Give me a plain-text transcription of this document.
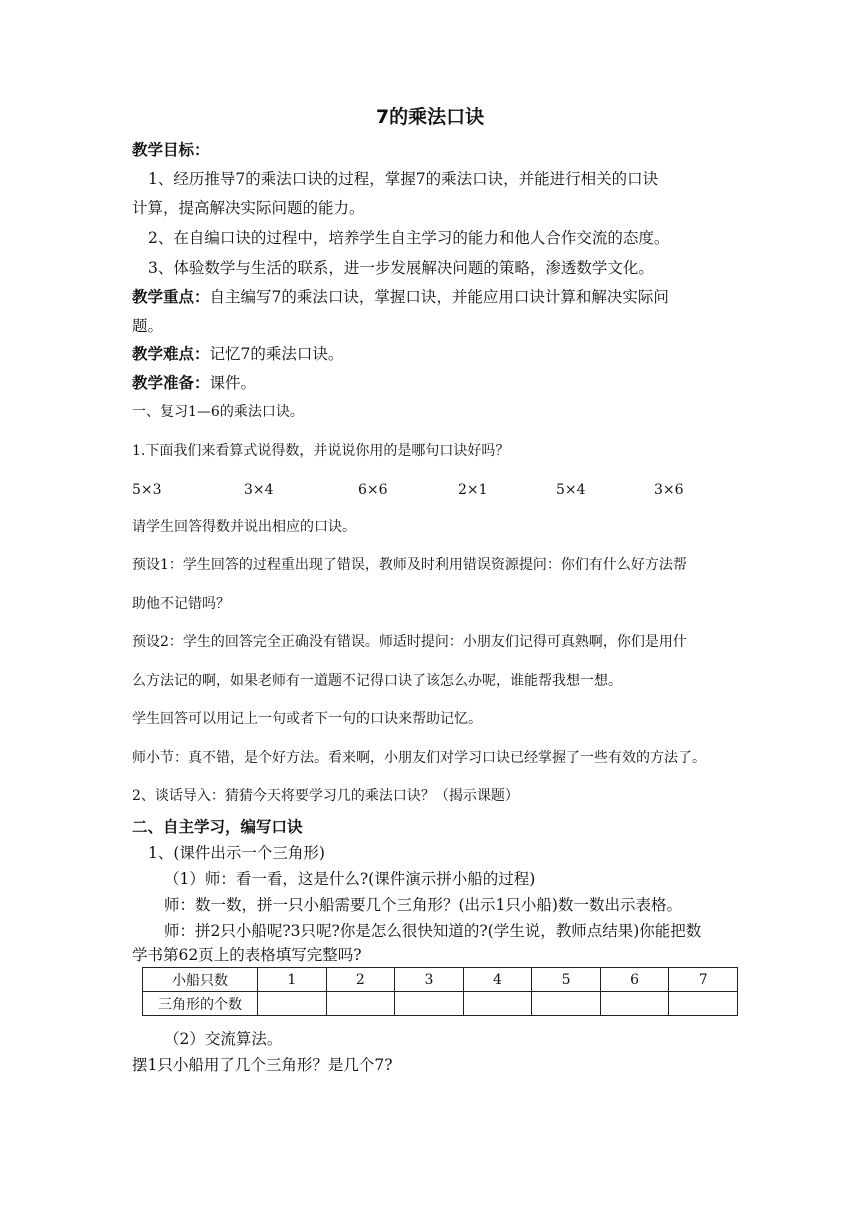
7的乘法口诀
教学目标：
1、经历推导7的乘法口诀的过程，掌握7的乘法口诀，并能进行相关的口诀
计算，提高解决实际问题的能力。
2、在自编口诀的过程中，培养学生自主学习的能力和他人合作交流的态度。
3、体验数学与生活的联系，进一步发展解决问题的策略，渗透数学文化。
教学重点：自主编写7的乘法口诀，掌握口诀，并能应用口诀计算和解决实际问
题。
教学难点：记忆7的乘法口诀。
教学准备：课件。
一、复习1—6的乘法口诀。
1.下面我们来看算式说得数，并说说你用的是哪句口诀好吗？
5×3	3×4	6×6	2×1	5×4	3×6
请学生回答得数并说出相应的口诀。
预设1：学生回答的过程重出现了错误，教师及时利用错误资源提问：你们有什么好方法帮
助他不记错吗？
预设2：学生的回答完全正确没有错误。师适时提问：小朋友们记得可真熟啊，你们是用什
么方法记的啊，如果老师有一道题不记得口诀了该怎么办呢，谁能帮我想一想。
学生回答可以用记上一句或者下一句的口诀来帮助记忆。
师小节：真不错，是个好方法。看来啊，小朋友们对学习口诀已经掌握了一些有效的方法了。
2、谈话导入：猜猜今天将要学习几的乘法口诀？（揭示课题）
二、自主学习，编写口诀
1、(课件出示一个三角形)
（1）师：看一看，这是什么?(课件演示拼小船的过程)
师：数一数，拼一只小船需要几个三角形？(出示1只小船)数一数出示表格。
师：拼2只小船呢?3只呢?你是怎么很快知道的?(学生说，教师点结果)你能把数
学书第62页上的表格填写完整吗?
小船只数	1	2	3	4	5	6	7
三角形的个数							
（2）交流算法。
摆1只小船用了几个三角形？是几个7?
